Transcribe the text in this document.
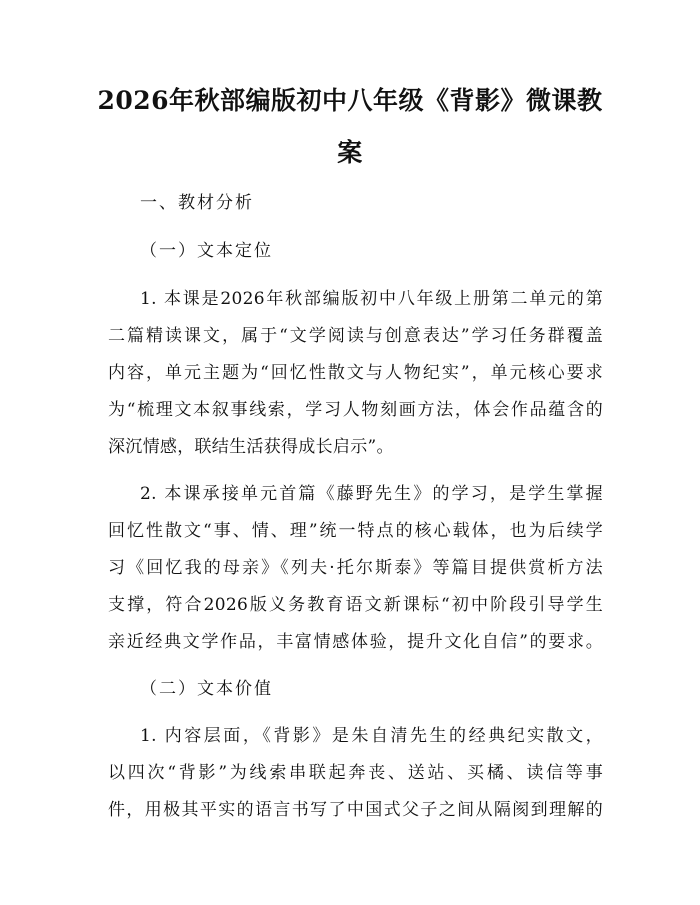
2026年秋部编版初中八年级《背影》微课教
案
一、教材分析
（一）文本定位
1. 本课是2026年秋部编版初中八年级上册第二单元的第
二篇精读课文，属于“文学阅读与创意表达”学习任务群覆盖
内容，单元主题为“回忆性散文与人物纪实”，单元核心要求
为“梳理文本叙事线索，学习人物刻画方法，体会作品蕴含的
深沉情感，联结生活获得成长启示”。
2. 本课承接单元首篇《藤野先生》的学习，是学生掌握
回忆性散文“事、情、理”统一特点的核心载体，也为后续学
习《回忆我的母亲》《列夫·托尔斯泰》等篇目提供赏析方法
支撑，符合2026版义务教育语文新课标“初中阶段引导学生
亲近经典文学作品，丰富情感体验，提升文化自信”的要求。
（二）文本价值
1. 内容层面，《背影》是朱自清先生的经典纪实散文，
以四次“背影”为线索串联起奔丧、送站、买橘、读信等事
件，用极其平实的语言书写了中国式父子之间从隔阂到理解的
